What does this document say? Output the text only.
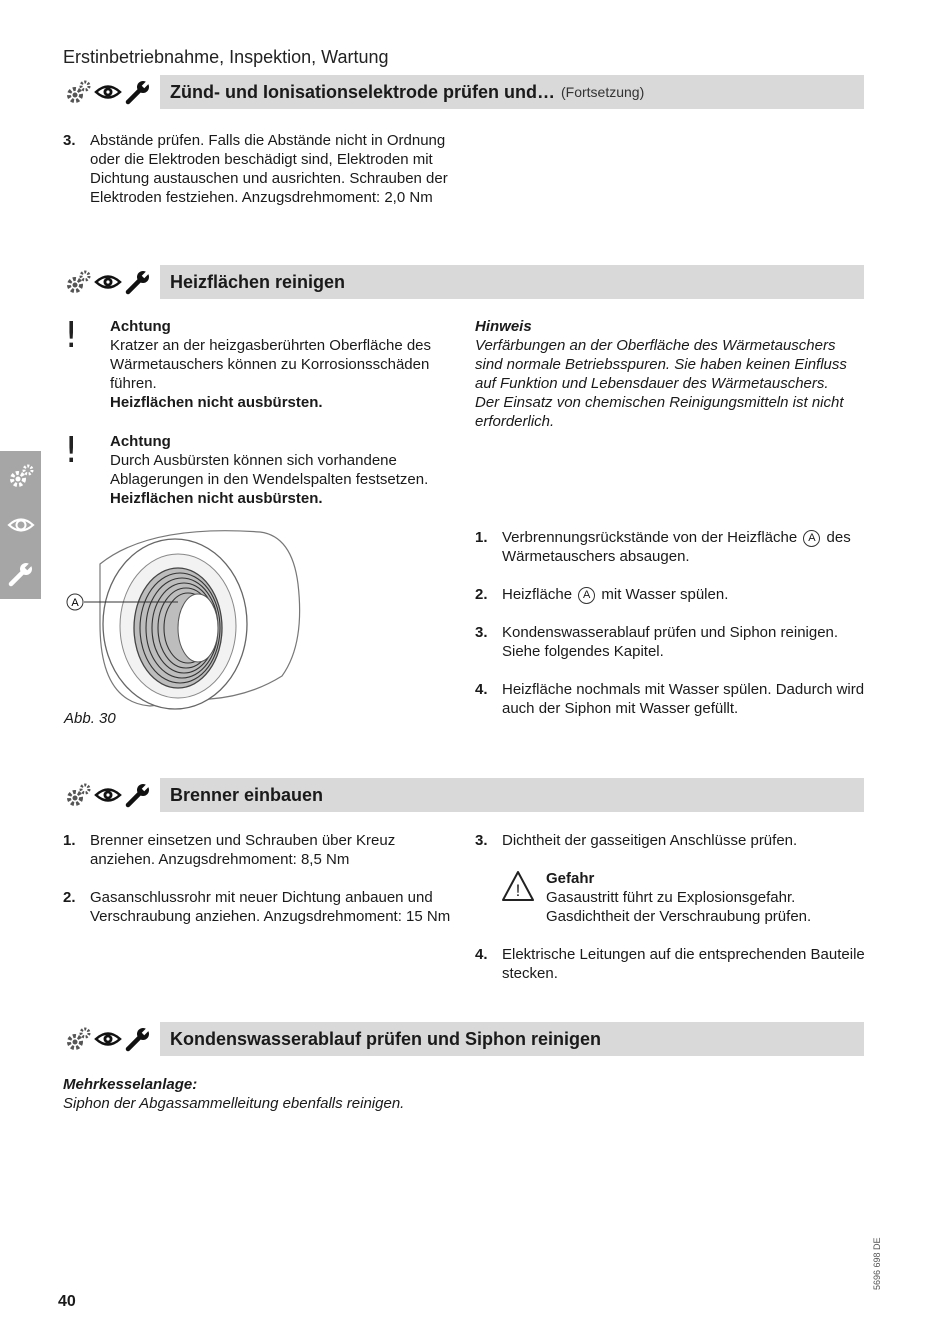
Erstinbetriebnahme, Inspektion, Wartung
Zünd- und Ionisationselektrode prüfen und… (Fortsetzung)
3. Abstände prüfen. Falls die Abstände nicht in Ordnung oder die Elektroden beschädigt sind, Elektroden mit Dichtung austauschen und ausrichten. Schrauben der Elektroden festziehen. Anzugsdrehmoment: 2,0 Nm
Heizflächen reinigen
!	Achtung
Kratzer an der heizgasberührten Oberfläche des Wärmetauschers können zu Korrosionsschäden führen.
Heizflächen nicht ausbürsten.
!	Achtung
Durch Ausbürsten können sich vorhandene Ablagerungen in den Wendelspalten festsetzen.
Heizflächen nicht ausbürsten.
Hinweis
Verfärbungen an der Oberfläche des Wärmetauschers sind normale Betriebsspuren. Sie haben keinen Einfluss auf Funktion und Lebensdauer des Wärmetauschers.
Der Einsatz von chemischen Reinigungsmitteln ist nicht erforderlich.
A
Abb. 30
1. Verbrennungsrückstände von der Heizfläche A des Wärmetauschers absaugen.
2. Heizfläche A mit Wasser spülen.
3. Kondenswasserablauf prüfen und Siphon reinigen. Siehe folgendes Kapitel.
4. Heizfläche nochmals mit Wasser spülen. Dadurch wird auch der Siphon mit Wasser gefüllt.
Brenner einbauen
1. Brenner einsetzen und Schrauben über Kreuz anziehen. Anzugsdrehmoment: 8,5 Nm
2. Gasanschlussrohr mit neuer Dichtung anbauen und Verschraubung anziehen. Anzugsdrehmoment: 15 Nm
3. Dichtheit der gasseitigen Anschlüsse prüfen.
!
Gefahr
Gasaustritt führt zu Explosionsgefahr.
Gasdichtheit der Verschraubung prüfen.
4. Elektrische Leitungen auf die entsprechenden Bauteile stecken.
Kondenswasserablauf prüfen und Siphon reinigen
Mehrkesselanlage:
Siphon der Abgassammelleitung ebenfalls reinigen.
40
5696 698 DE
